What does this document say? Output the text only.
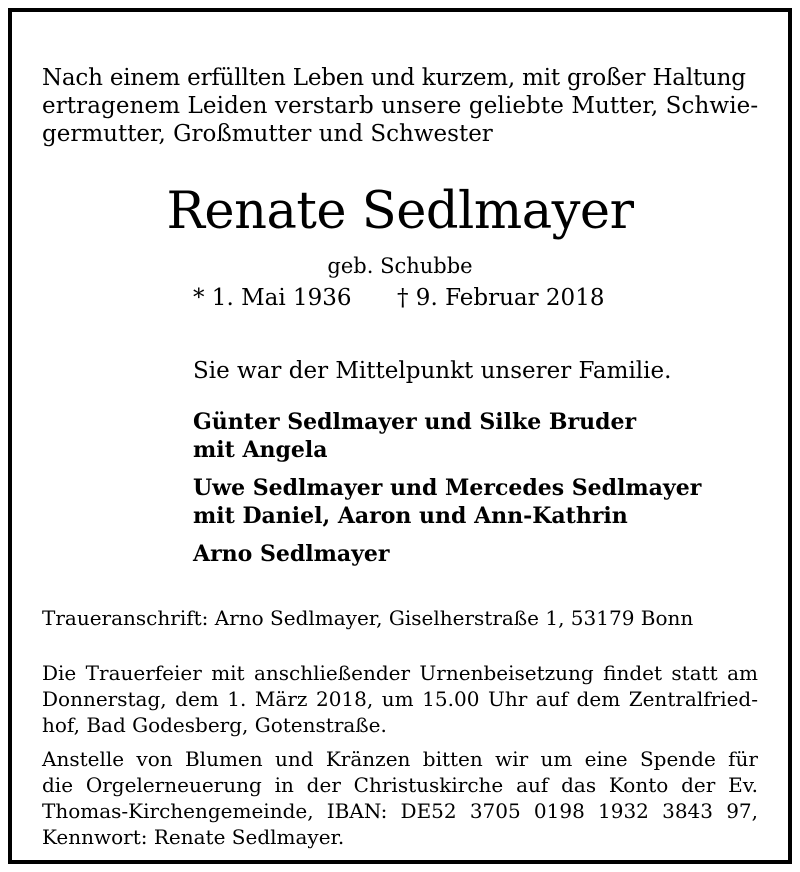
Nach einem erfüllten Leben und kurzem, mit großer Haltung
ertragenem Leiden verstarb unsere geliebte Mutter, Schwie-
germutter, Großmutter und Schwester
Renate Sedlmayer
geb. Schubbe
* 1. Mai 1936 † 9. Februar 2018
Sie war der Mittelpunkt unserer Familie.
Günter Sedlmayer und Silke Bruder
mit Angela
Uwe Sedlmayer und Mercedes Sedlmayer
mit Daniel, Aaron und Ann-Kathrin
Arno Sedlmayer
Traueranschrift: Arno Sedlmayer, Giselherstraße 1, 53179 Bonn
Die Trauerfeier mit anschließender Urnenbeisetzung findet statt am
Donnerstag, dem 1. März 2018, um 15.00 Uhr auf dem Zentralfried-
hof, Bad Godesberg, Gotenstraße.
Anstelle von Blumen und Kränzen bitten wir um eine Spende für
die Orgelerneuerung in der Christuskirche auf das Konto der Ev.
Thomas-Kirchengemeinde, IBAN: DE52 3705 0198 1932 3843 97,
Kennwort: Renate Sedlmayer.
